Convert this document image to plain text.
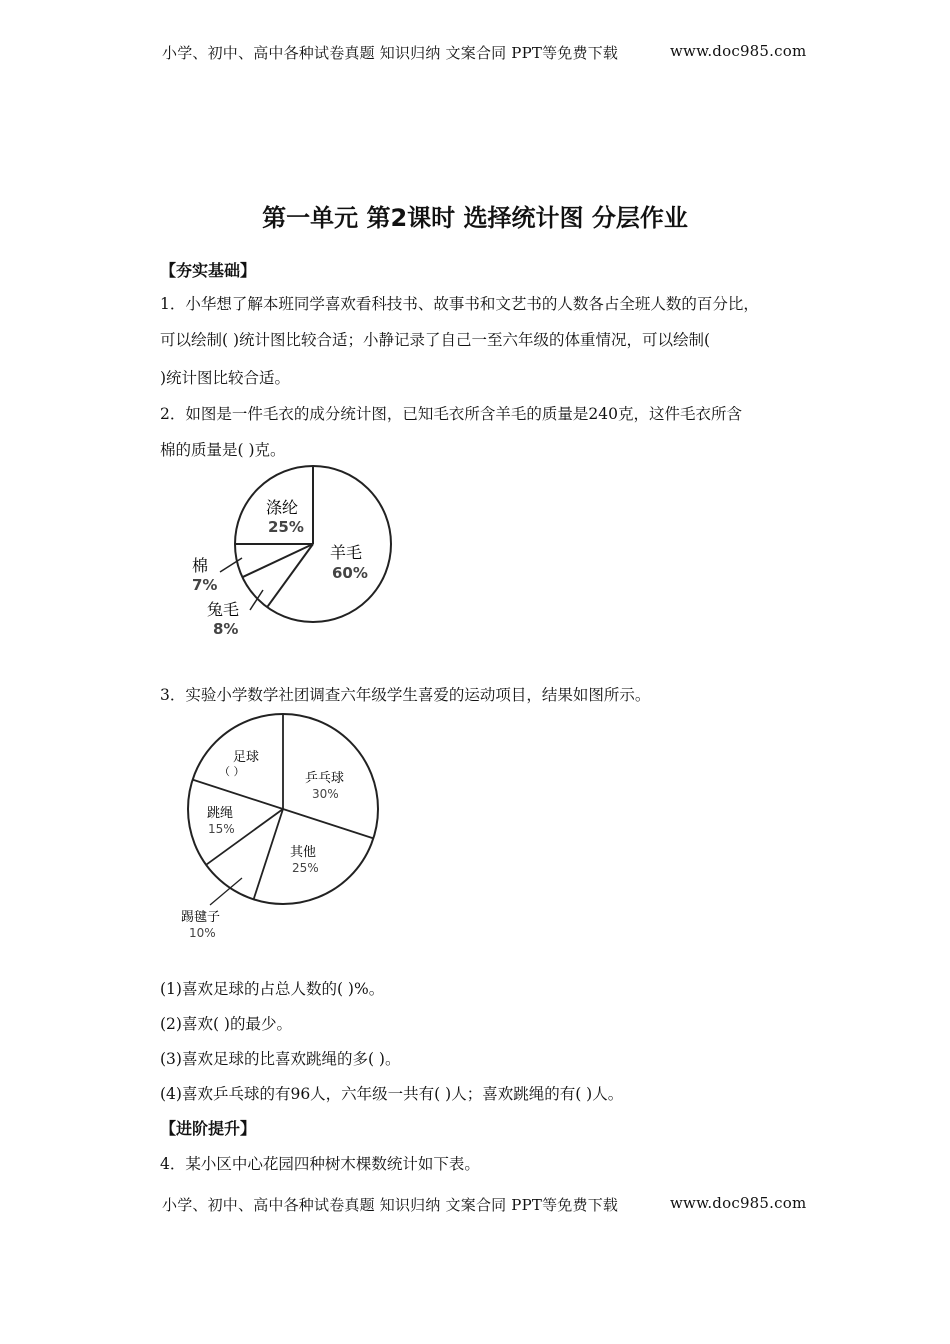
小学、初中、高中各种试卷真题 知识归纳 文案合同 PPT等免费下载	www.doc985.com
第一单元 第2课时 选择统计图 分层作业
【夯实基础】
1．小华想了解本班同学喜欢看科技书、故事书和文艺书的人数各占全班人数的百分比，
可以绘制( )统计图比较合适；小静记录了自己一至六年级的体重情况，可以绘制(
)统计图比较合适。
2．如图是一件毛衣的成分统计图，已知毛衣所含羊毛的质量是240克，这件毛衣所含
棉的质量是( )克。
涤纶
25%
羊毛
60%
棉
7%
兔毛
8%
3．实验小学数学社团调查六年级学生喜爱的运动项目，结果如图所示。
足球
（ ）	乒乓球
30%
跳绳
15%
其他
25%
踢毽子
10%
(1)喜欢足球的占总人数的( )%。
(2)喜欢( )的最少。
(3)喜欢足球的比喜欢跳绳的多( )。
(4)喜欢乒乓球的有96人，六年级一共有( )人；喜欢跳绳的有( )人。
【进阶提升】
4．某小区中心花园四种树木棵数统计如下表。
小学、初中、高中各种试卷真题 知识归纳 文案合同 PPT等免费下载	www.doc985.com
